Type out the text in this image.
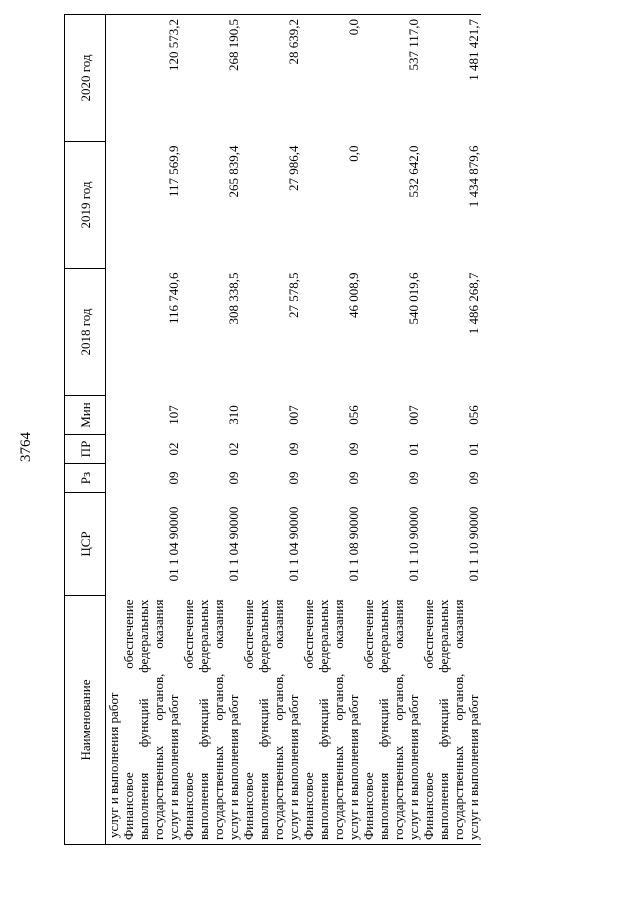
3764
Наименование	ЦСР	Рз	ПР	Мин	2018 год	2019 год	2020 год
услуг и выполнения работ							

Финансовое обеспечение выполнения функций федеральных государственных органов, оказания услуг и выполнения работ	01 1 04 90000	09	02	107	116 740,6	117 569,9	120 573,2

Финансовое обеспечение выполнения функций федеральных государственных органов, оказания услуг и выполнения работ	01 1 04 90000	09	02	310	308 338,5	265 839,4	268 190,5

Финансовое обеспечение выполнения функций федеральных государственных органов, оказания услуг и выполнения работ	01 1 04 90000	09	09	007	27 578,5	27 986,4	28 639,2

Финансовое обеспечение выполнения функций федеральных государственных органов, оказания услуг и выполнения работ	01 1 08 90000	09	09	056	46 008,9	0,0	0,0

Финансовое обеспечение выполнения функций федеральных государственных органов, оказания услуг и выполнения работ	01 1 10 90000	09	01	007	540 019,6	532 642,0	537 117,0

Финансовое обеспечение выполнения функций федеральных государственных органов, оказания услуг и выполнения работ	01 1 10 90000	09	01	056	1 486 268,7	1 434 879,6	1 481 421,7
